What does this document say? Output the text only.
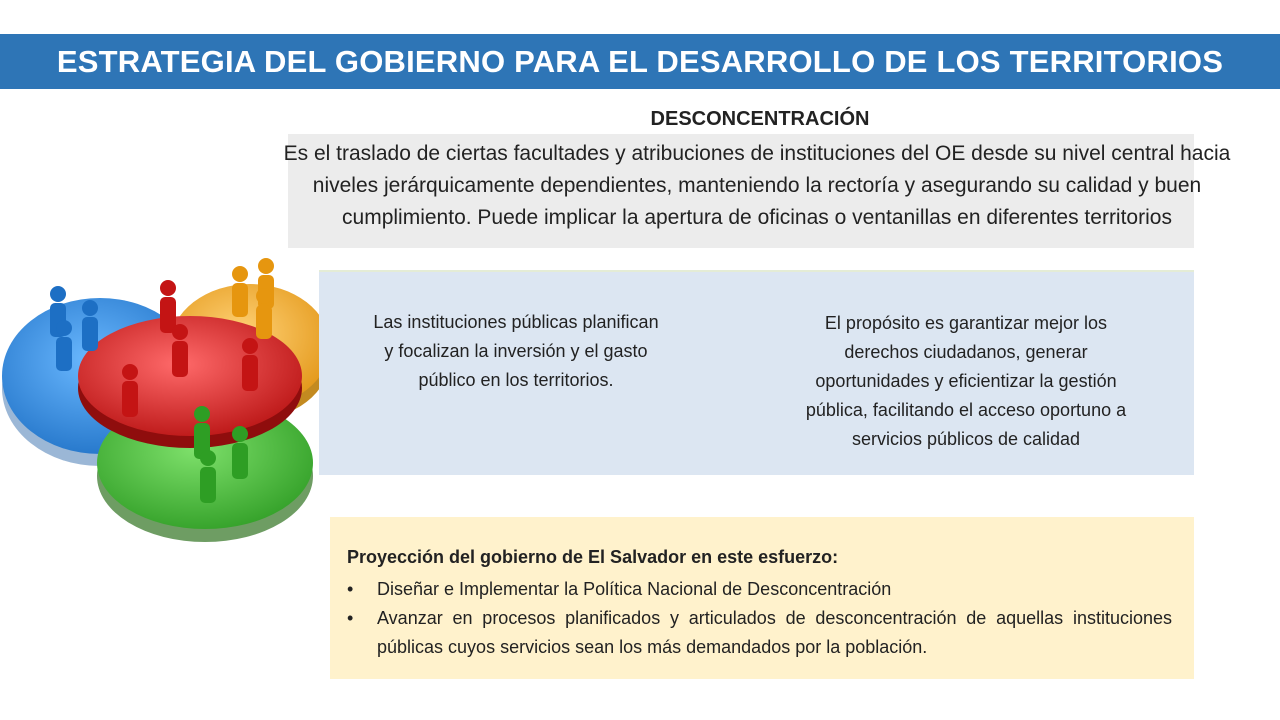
ESTRATEGIA DEL GOBIERNO PARA EL DESARROLLO DE LOS TERRITORIOS
DESCONCENTRACIÓN
Es el traslado de ciertas facultades y atribuciones de instituciones del OE desde su nivel central hacia niveles jerárquicamente dependientes, manteniendo la rectoría y asegurando su calidad y buen cumplimiento. Puede implicar la apertura de oficinas o ventanillas en diferentes territorios
Las instituciones públicas planifican y focalizan la inversión y el gasto público en los territorios.
El propósito es garantizar mejor los derechos ciudadanos, generar oportunidades y eficientizar la gestión pública, facilitando el acceso oportuno a servicios públicos de calidad
Proyección del gobierno de El Salvador en este esfuerzo:
• Diseñar e Implementar la Política Nacional de Desconcentración
• Avanzar en procesos planificados y articulados de desconcentración de aquellas instituciones públicas cuyos servicios sean los más demandados por la población.
